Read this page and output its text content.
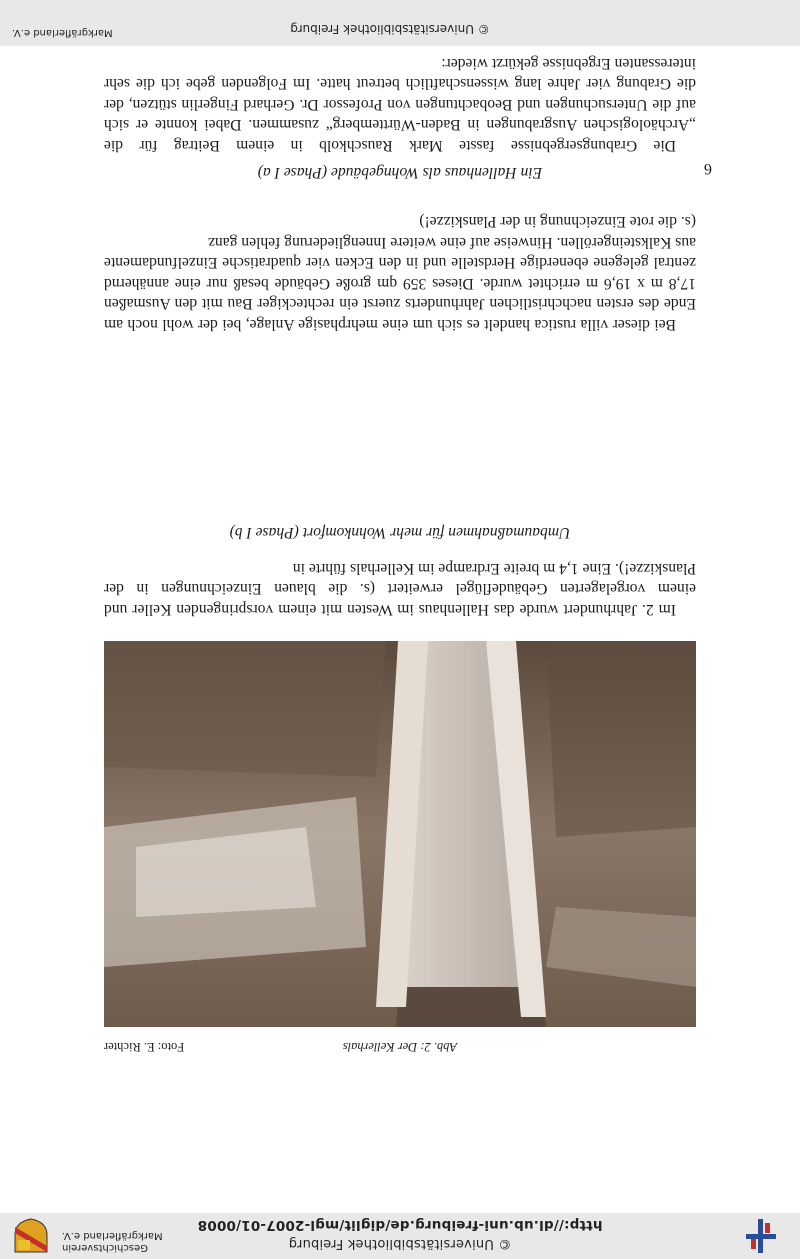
© Universitätsbibliothek Freiburg
http://dl.ub.uni-freiburg.de/diglit/mgl-2007-01/0008
Geschichtsverein
Markgräflerland e.V.
© Universitätsbibliothek Freiburg
Markgräflerland e.V.

Die Grabungsergebnisse fasste Mark Rauschkolb in einem Beitrag für die „Archäologischen Ausgrabungen in Baden-Württemberg“ zusammen. Dabei konnte er sich auf die Untersuchungen und Beobachtungen von Professor Dr. Gerhard Fingerlin stützen, der die Grabung vier Jahre lang wissenschaftlich betreut hatte. Im Folgenden gebe ich die sehr interessanten Ergebnisse gekürzt wieder:

Ein Hallenhaus als Wohngebäude (Phase I a)

Bei dieser villa rustica handelt es sich um eine mehrphasige Anlage, bei der wohl noch am Ende des ersten nachchristlichen Jahrhunderts zuerst ein rechteckiger Bau mit den Ausmaßen 17,8 m x 19,6 m errichtet wurde. Dieses 359 qm große Gebäude besaß nur eine annähernd zentral gelegene ebenerdige Herdstelle und in den Ecken vier quadratische Einzelfundamente aus Kalksteingeröllen. Hinweise auf eine weitere Innengliederung fehlen ganz

(s. die rote Einzeichnung in der Planskizze!)

Umbaumaßnahmen für mehr Wohnkomfort (Phase I b)

Im 2. Jahrhundert wurde das Hallenhaus im Westen mit einem vorspringenden Keller und einem vorgelagerten Gebäudeflügel erweitert (s. die blauen Einzeichnungen in der Planskizze!). Eine 1,4 m breite Erdrampe im Kellerhals führte in

Abb. 2: Der Kellerhals
Foto: E. Richter
6
